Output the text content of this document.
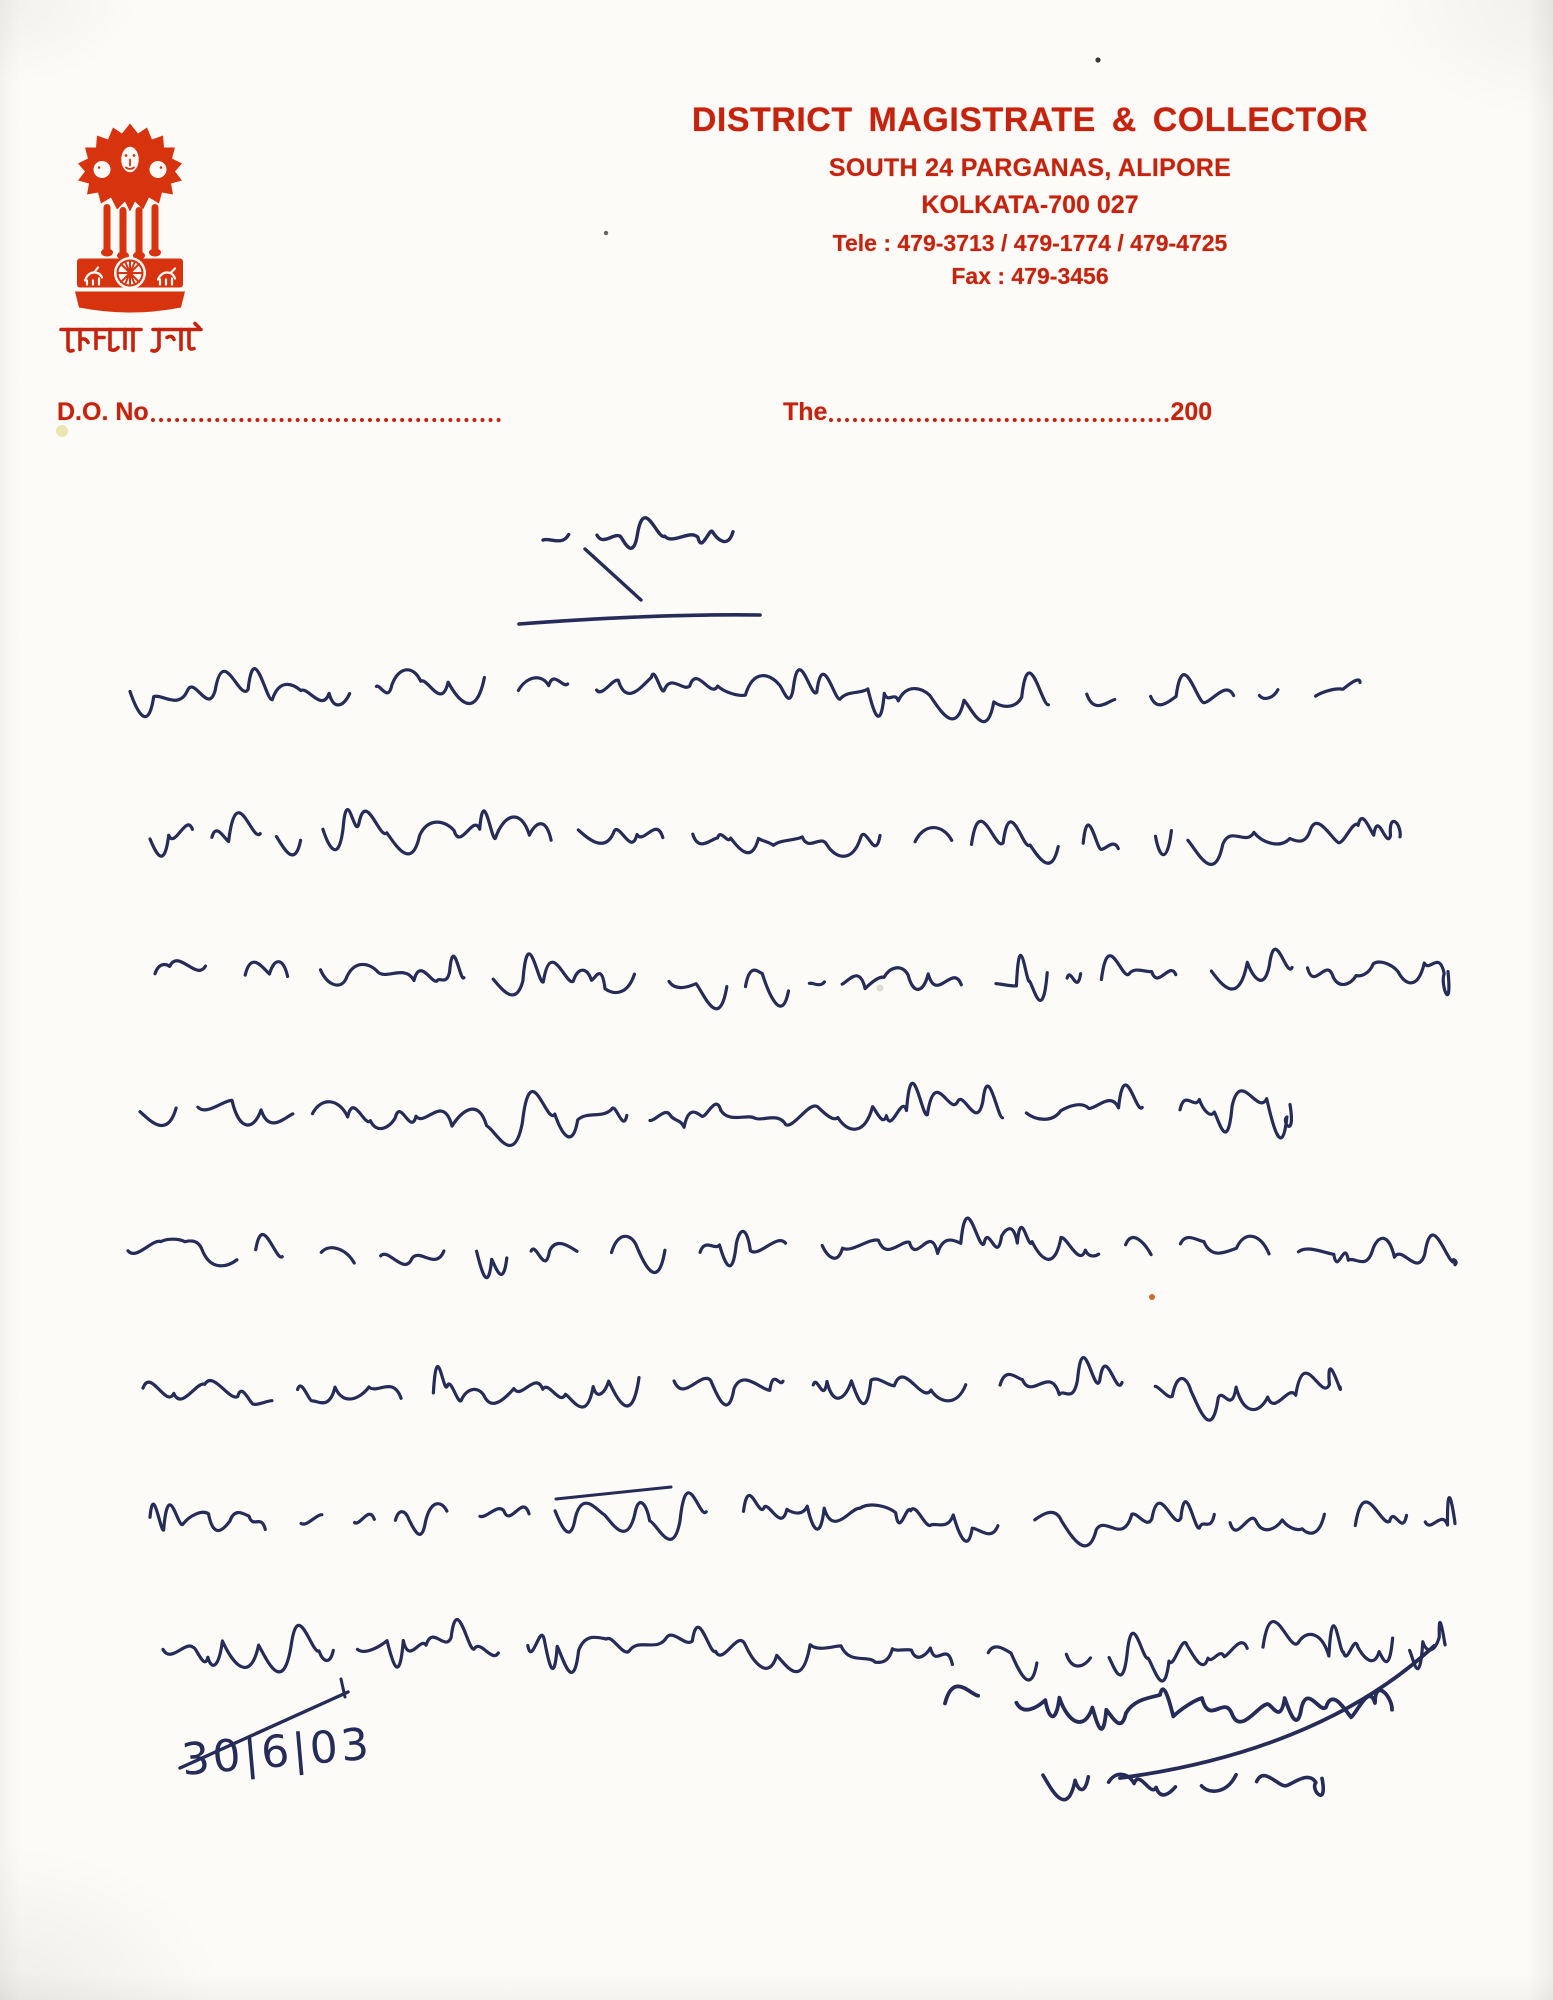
DISTRICT MAGISTRATE & COLLECTOR
SOUTH 24 PARGANAS, ALIPORE
KOLKATA-700 027
Tele : 479-3713 / 479-1774 / 479-4725
Fax : 479-3456
D.O. No	The	200
30|6|03
